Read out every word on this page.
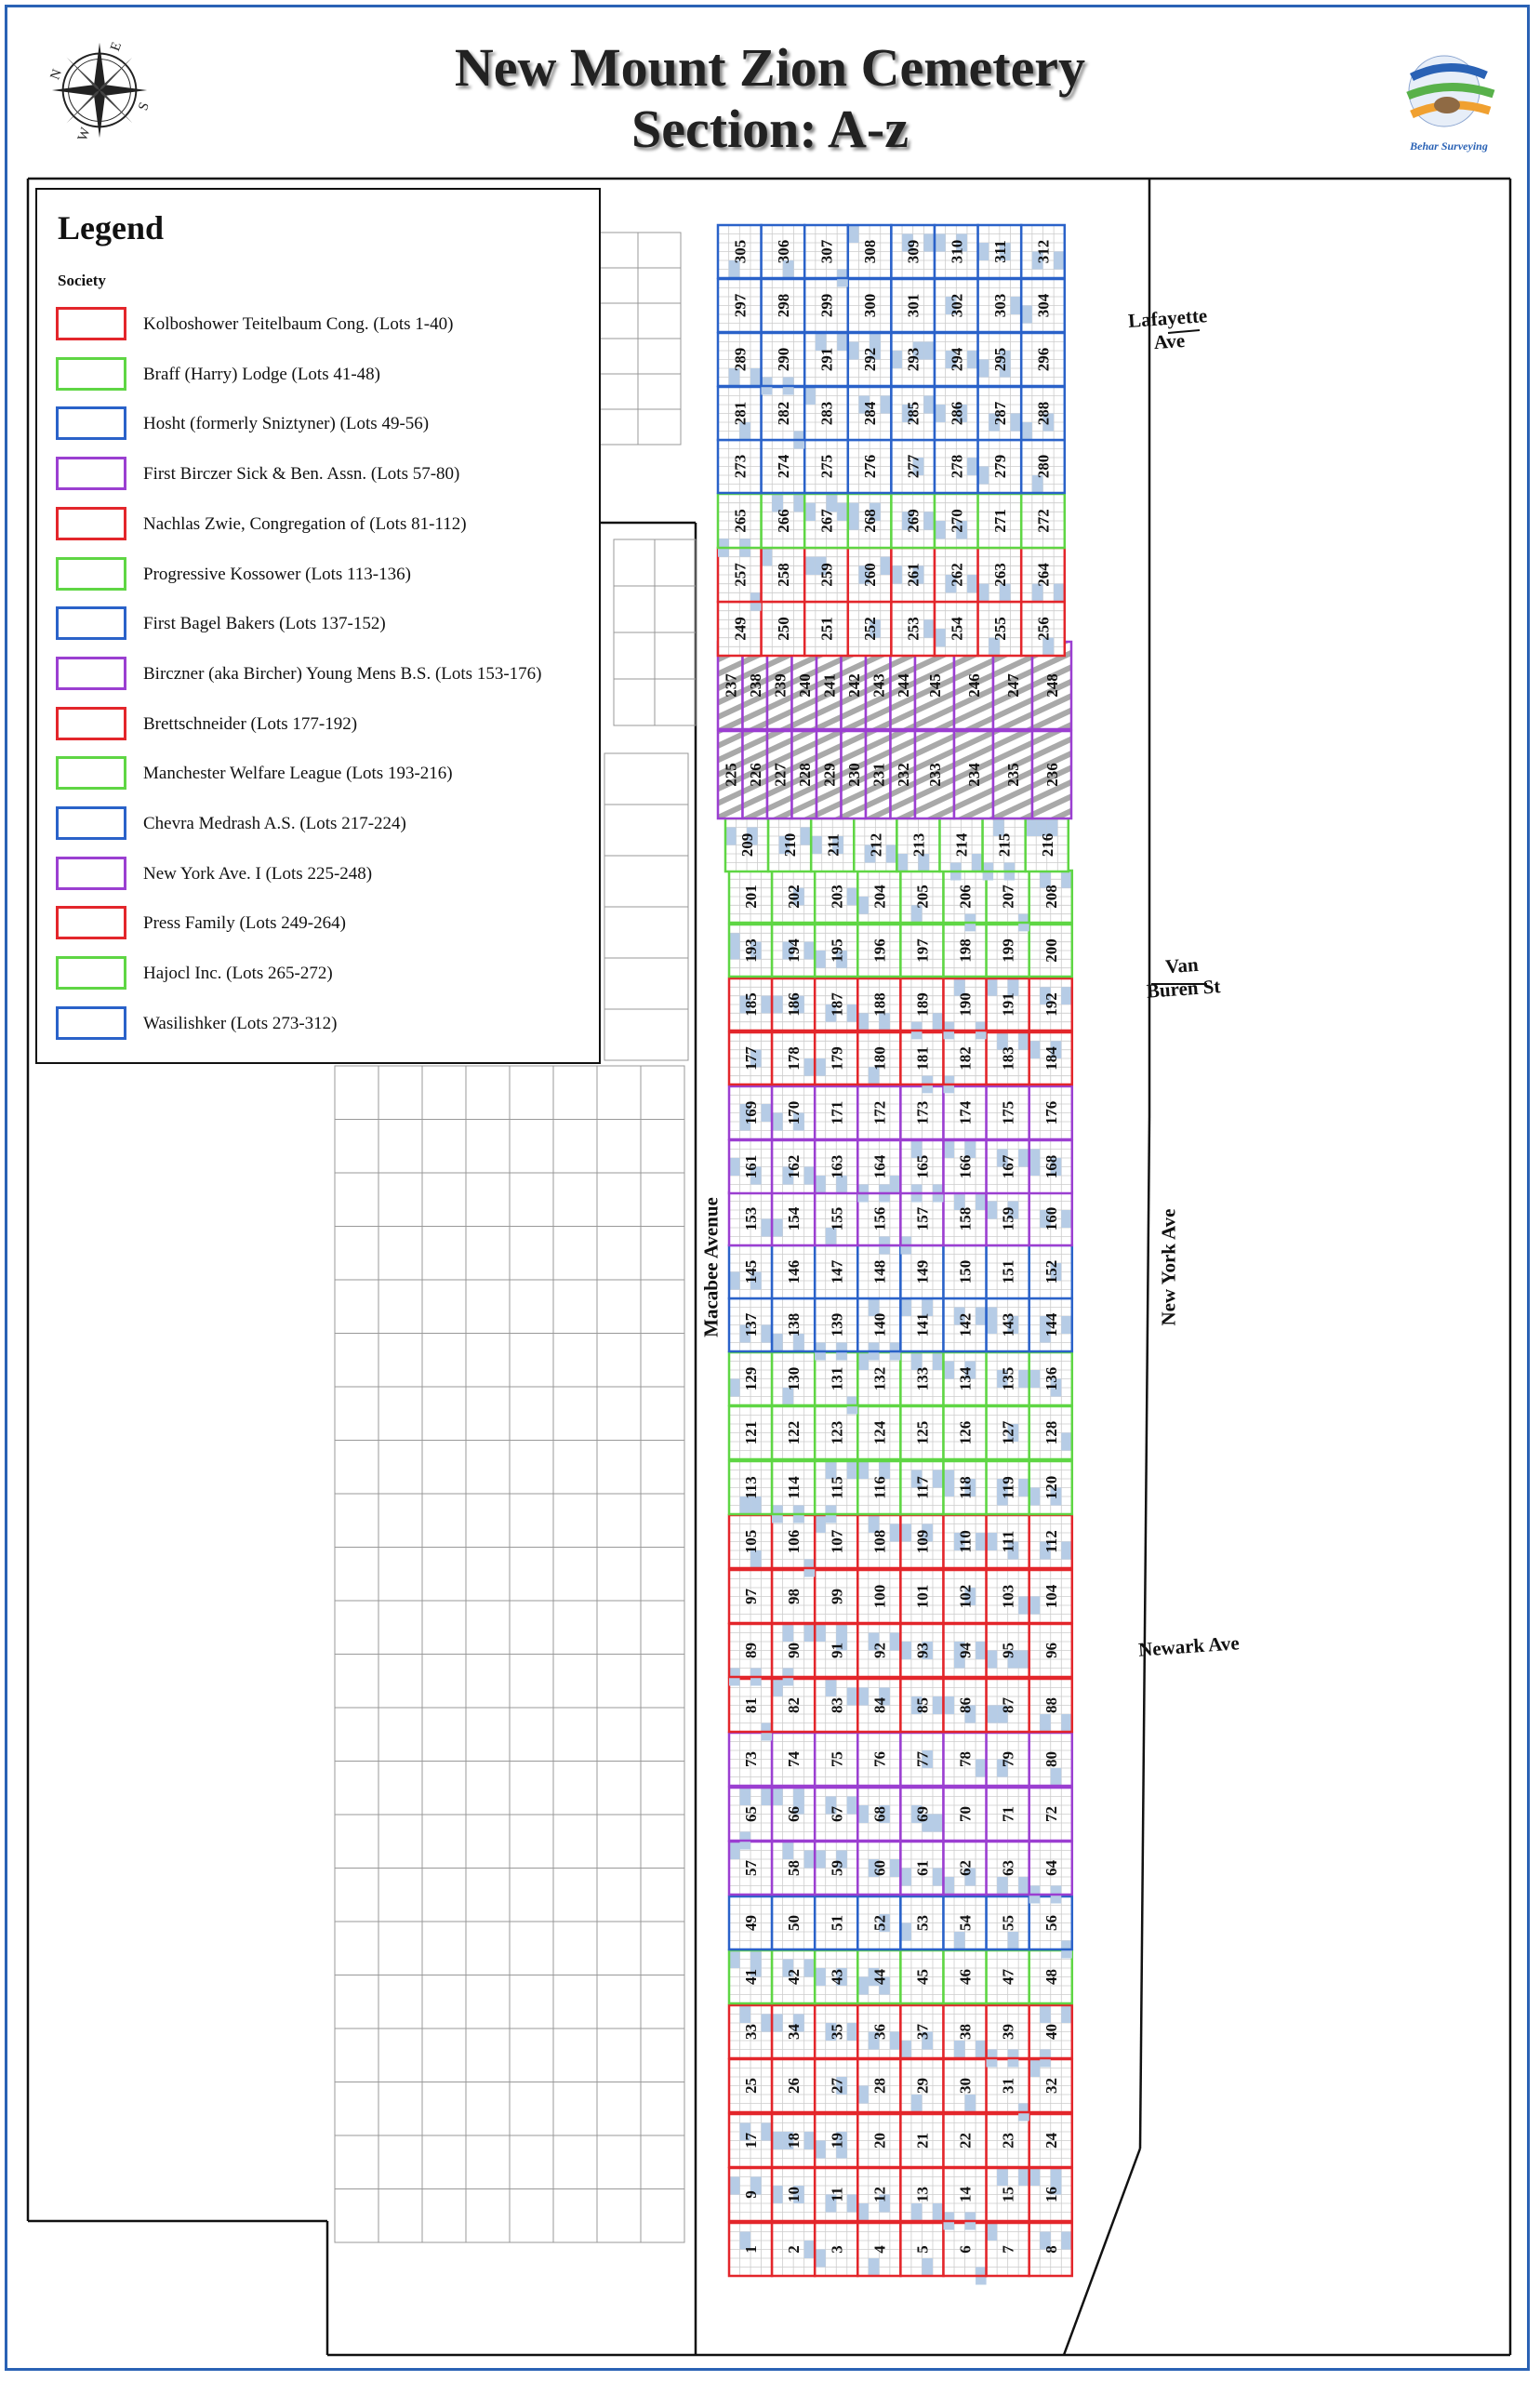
New Mount Zion Cemetery
Section: A-z
N
E
S
W
Behar Surveying
1 2 3 4 5 6 7 8
9 10 11 12 13 14 15 16
17 18 19 20 21 22 23 24
25 26 27 28 29 30 31 32
33 34 35 36 37 38 39 40
41 42 43 44 45 46 47 48
49 50 51 52 53 54 55 56
57 58 59 60 61 62 63 64
65 66 67 68 69 70 71 72
73 74 75 76 77 78 79 80
81 82 83 84 85 86 87 88
89 90 91 92 93 94 95 96
97 98 99 100 101 102 103 104
105 106 107 108 109 110 111 112
113 114 115 116 117 118 119 120
121 122 123 124 125 126 127 128
129 130 131 132 133 134 135 136
137 138 139 140 141 142 143 144
145 146 147 148 149 150 151 152
153 154 155 156 157 158 159 160
161 162 163 164 165 166 167 168
169 170 171 172 173 174 175 176
177 178 179 180 181 182 183 184
185 186 187 188 189 190 191 192
193 194 195 196 197 198 199 200
201 202 203 204 205 206 207 208
209 210 211 212 213 214 215 216
225 226 227 228 229 230 231 232 233 234 235 236
237 238 239 240 241 242 243 244 245 246 247 248
249 250 251 252 253 254 255 256
257 258 259 260 261 262 263 264
265 266 267 268 269 270 271 272
273 274 275 276 277 278 279 280
281 282 283 284 285 286 287 288
289 290 291 292 293 294 295 296
297 298 299 300 301 302 303 304
305 306 307 308 309 310 311 312
Legend
Society
Kolboshower Teitelbaum Cong. (Lots 1-40)
Braff (Harry) Lodge (Lots 41-48)
Hosht (formerly Sniztyner) (Lots 49-56)
First Birczer Sick & Ben. Assn. (Lots 57-80)
Nachlas Zwie, Congregation of (Lots 81-112)
Progressive Kossower (Lots 113-136)
First Bagel Bakers (Lots 137-152)
Birczner (aka Bircher) Young Mens B.S. (Lots 153-176)
Brettschneider (Lots 177-192)
Manchester Welfare League (Lots 193-216)
Chevra Medrash A.S. (Lots 217-224)
New York Ave. I (Lots 225-248)
Press Family (Lots 249-264)
Hajocl Inc. (Lots 265-272)
Wasilishker (Lots 273-312)
Lafayette
Ave
Van
Buren St
Newark Ave
New York Ave
Macabee Avenue
